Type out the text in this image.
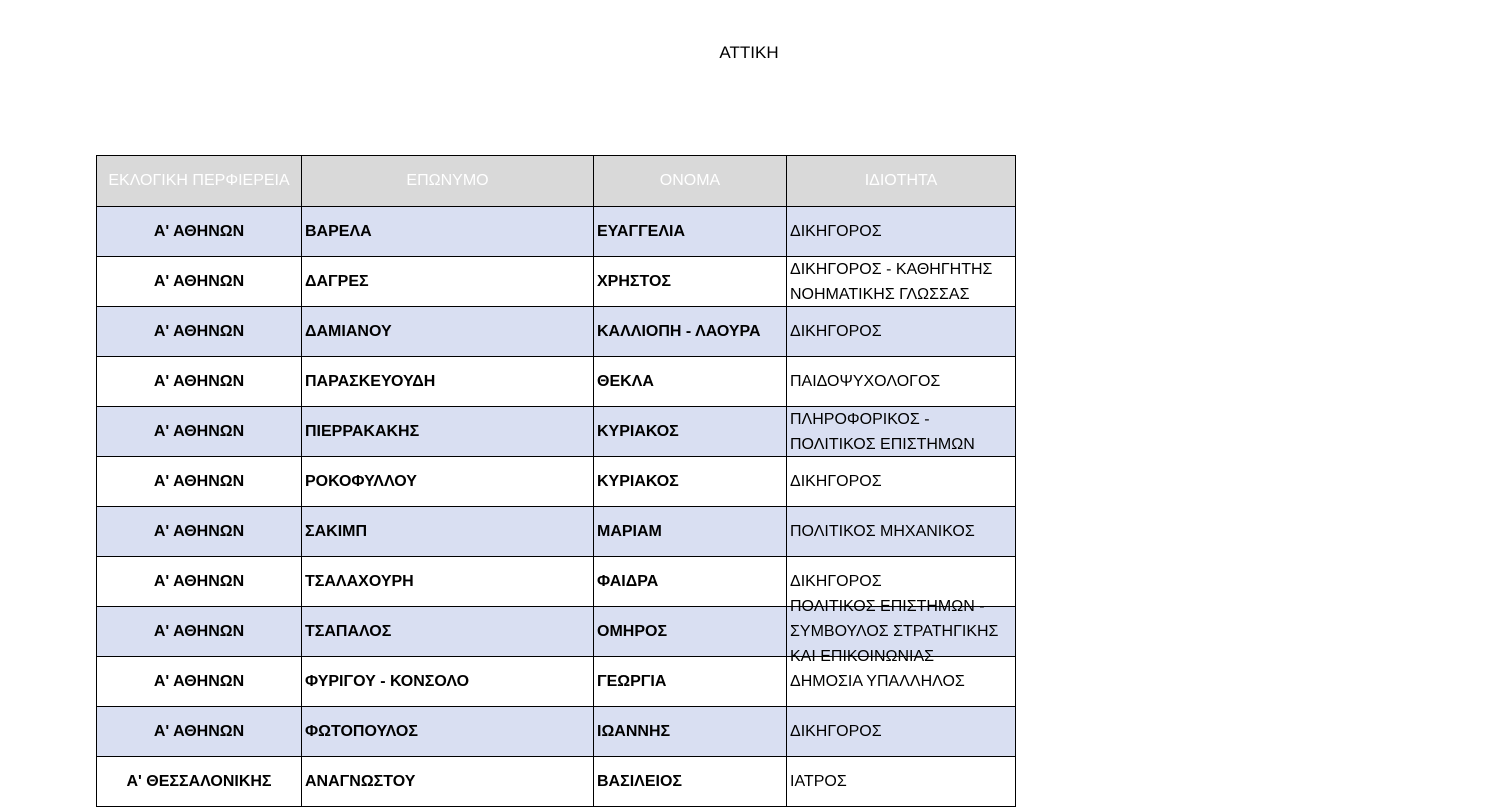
ΑΤΤΙΚΗ
ΕΚΛΟΓΙΚΗ ΠΕΡΦΙΕΡΕΙΑ	ΕΠΩΝΥΜΟ	ΟΝΟΜΑ	ΙΔΙΟΤΗΤΑ
Α' ΑΘΗΝΩΝ	ΒΑΡΕΛΑ	ΕΥΑΓΓΕΛΙΑ	ΔΙΚΗΓΟΡΟΣ

Α' ΑΘΗΝΩΝ	ΔΑΓΡΕΣ	ΧΡΗΣΤΟΣ	ΔΙΚΗΓΟΡΟΣ - ΚΑΘΗΓΗΤΗΣ ΝΟΗΜΑΤΙΚΗΣ ΓΛΩΣΣΑΣ

Α' ΑΘΗΝΩΝ	ΔΑΜΙΑΝΟΥ	ΚΑΛΛΙΟΠΗ - ΛΑΟΥΡΑ	ΔΙΚΗΓΟΡΟΣ

Α' ΑΘΗΝΩΝ	ΠΑΡΑΣΚΕΥΟΥΔΗ	ΘΕΚΛΑ	ΠΑΙΔΟΨΥΧΟΛΟΓΟΣ

Α' ΑΘΗΝΩΝ	ΠΙΕΡΡΑΚΑΚΗΣ	ΚΥΡΙΑΚΟΣ	ΠΛΗΡΟΦΟΡΙΚΟΣ - ΠΟΛΙΤΙΚΟΣ ΕΠΙΣΤΗΜΩΝ

Α' ΑΘΗΝΩΝ	ΡΟΚΟΦΥΛΛΟΥ	ΚΥΡΙΑΚΟΣ	ΔΙΚΗΓΟΡΟΣ

Α' ΑΘΗΝΩΝ	ΣΑΚΙΜΠ	ΜΑΡΙΑΜ	ΠΟΛΙΤΙΚΟΣ ΜΗΧΑΝΙΚΟΣ

Α' ΑΘΗΝΩΝ	ΤΣΑΛΑΧΟΥΡΗ	ΦΑΙΔΡΑ	ΔΙΚΗΓΟΡΟΣ

Α' ΑΘΗΝΩΝ	ΤΣΑΠΑΛΟΣ	ΟΜΗΡΟΣ	ΠΟΛΙΤΙΚΟΣ ΕΠΙΣΤΗΜΩΝ - ΣΥΜΒΟΥΛΟΣ ΣΤΡΑΤΗΓΙΚΗΣ ΚΑΙ ΕΠΙΚΟΙΝΩΝΙΑΣ

Α' ΑΘΗΝΩΝ	ΦΥΡΙΓΟΥ - ΚΟΝΣΟΛΟ	ΓΕΩΡΓΙΑ	ΔΗΜΟΣΙΑ ΥΠΑΛΛΗΛΟΣ

Α' ΑΘΗΝΩΝ	ΦΩΤΟΠΟΥΛΟΣ	ΙΩΑΝΝΗΣ	ΔΙΚΗΓΟΡΟΣ

Α' ΘΕΣΣΑΛΟΝΙΚΗΣ	ΑΝΑΓΝΩΣΤΟΥ	ΒΑΣΙΛΕΙΟΣ	ΙΑΤΡΟΣ
